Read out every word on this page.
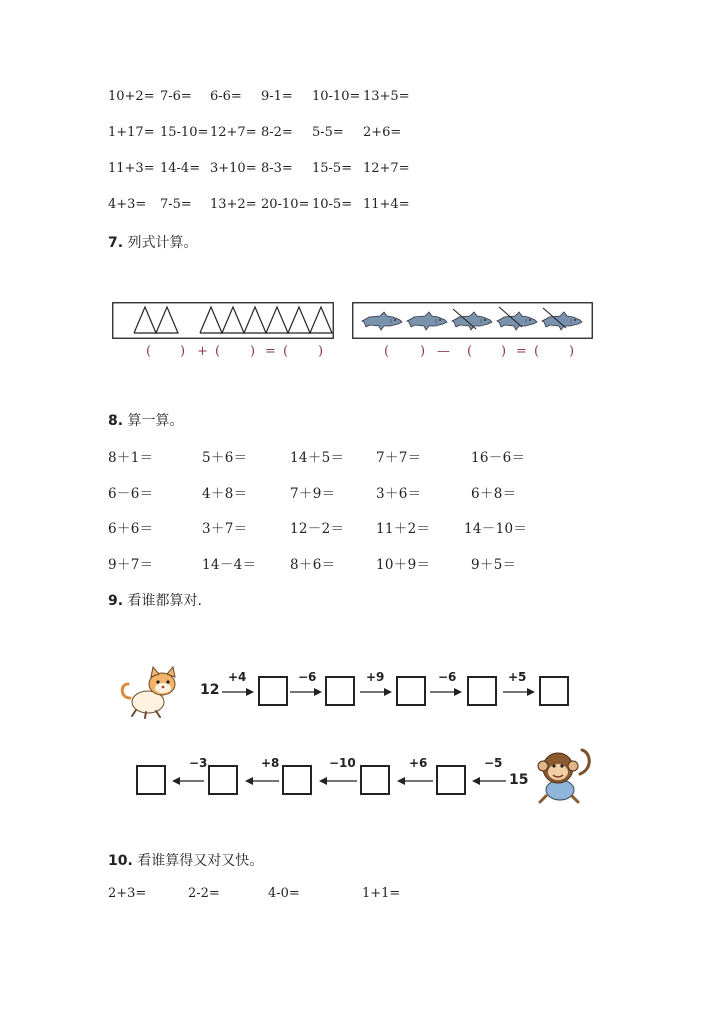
10+2= 7-6= 6-6= 9-1= 10-10= 13+5=
1+17= 15-10= 12+7= 8-2= 5-5= 2+6=
11+3= 14-4= 3+10= 8-3= 15-5= 12+7=
4+3= 7-5= 13+2= 20-10= 10-5= 11+4=
7. 列式计算。
( ) + ( ) = ( )	( ) — ( ) = ( )
8. 算一算。
8＋1＝	5＋6＝	14＋5＝ 7＋7＝	16－6＝
6－6＝	4＋8＝	7＋9＝	3＋6＝	6＋8＝
6＋6＝	3＋7＝	12－2＝ 11＋2＝ 14－10＝
9＋7＝	14－4＝ 8＋6＝	10＋9＝	9＋5＝
9. 看谁都算对.
12
+4	−6	+9	−6	+5
−3	+8	−10	+6	−5
15
10. 看谁算得又对又快。
2+3=	2-2=	4-0=	1+1=
